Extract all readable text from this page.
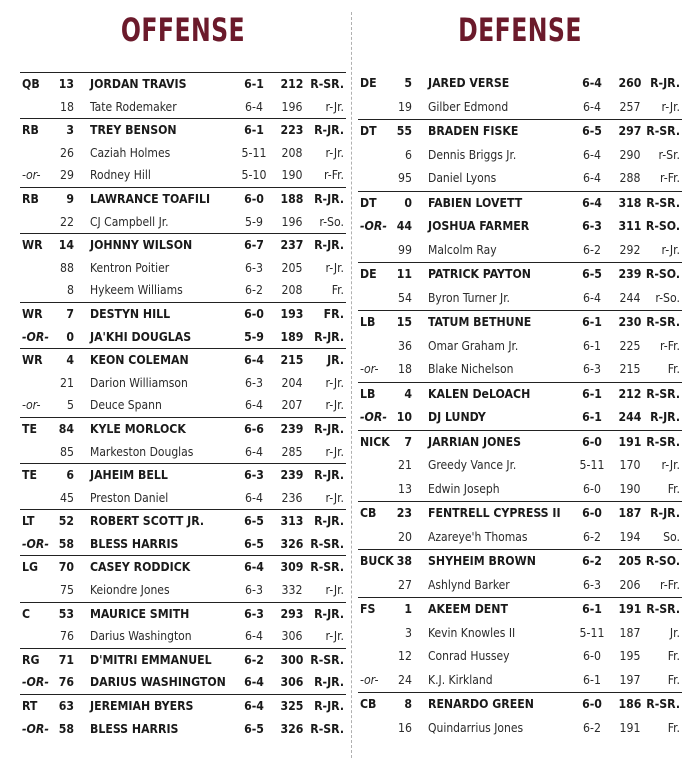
OFFENSE
QB	13 JORDAN TRAVIS	6-1	212 R-SR.
18 Tate Rodemaker	6-4	196	r-Jr.
RB	3 TREY BENSON	6-1	223 R-JR.
26 Caziah Holmes	5-11	208	r-Jr.
-or-	29 Rodney Hill	5-10	190	r-Fr.
RB	9 LAWRANCE TOAFILI	6-0	188 R-JR.
22 CJ Campbell Jr.	5-9	196	r-So.
WR	14 JOHNNY WILSON	6-7	237 R-JR.
88 Kentron Poitier	6-3	205	r-Jr.
8 Hykeem Williams	6-2	208	Fr.
WR	7 DESTYN HILL	6-0	193	FR.
-OR-	0 JA'KHI DOUGLAS	5-9	189 R-JR.
WR	4 KEON COLEMAN	6-4	215	JR.
21 Darion Williamson	6-3	204	r-Jr.
-or-	5 Deuce Spann	6-4	207	r-Jr.
TE	84 KYLE MORLOCK	6-6	239 R-JR.
85 Markeston Douglas	6-4	285	r-Jr.
TE	6 JAHEIM BELL	6-3	239 R-JR.
45 Preston Daniel	6-4	236	r-Jr.
LT	52 ROBERT SCOTT JR.	6-5	313 R-JR.
-OR- 58 BLESS HARRIS	6-5	326 R-SR.
LG	70 CASEY RODDICK	6-4	309 R-SR.
75 Keiondre Jones	6-3	332	r-Jr.
C	53 MAURICE SMITH	6-3	293 R-JR.
76 Darius Washington	6-4	306	r-Jr.
RG	71 D'MITRI EMMANUEL	6-2	300 R-SR.
-OR- 76 DARIUS WASHINGTON	6-4	306 R-JR.
RT	63 JEREMIAH BYERS	6-4	325 R-JR.
-OR- 58 BLESS HARRIS	6-5	326 R-SR.
DEFENSE
DE	5 JARED VERSE	6-4	260 R-JR.
19 Gilber Edmond	6-4	257	r-Jr.
DT	55 BRADEN FISKE	6-5	297 R-SR.
6 Dennis Briggs Jr.	6-4	290	r-Sr.
95 Daniel Lyons	6-4	288	r-Fr.
DT	0 FABIEN LOVETT	6-4	318 R-SR.
-OR- 44 JOSHUA FARMER	6-3	311 R-SO.
99 Malcolm Ray	6-2	292	r-Jr.
DE	11 PATRICK PAYTON	6-5	239 R-SO.
54 Byron Turner Jr.	6-4	244	r-So.
LB	15 TATUM BETHUNE	6-1	230 R-SR.
36 Omar Graham Jr.	6-1	225	r-Fr.
-or-	18 Blake Nichelson	6-3	215	Fr.
LB	4 KALEN DeLOACH	6-1	212 R-SR.
-OR- 10 DJ LUNDY	6-1	244 R-JR.
NICK	7 JARRIAN JONES	6-0	191 R-SR.
21 Greedy Vance Jr.	5-11	170	r-Jr.
13 Edwin Joseph	6-0	190	Fr.
CB	23 FENTRELL CYPRESS II	6-0	187 R-JR.
20 Azareye'h Thomas	6-2	194	So.
BUCK 38 SHYHEIM BROWN	6-2	205 R-SO.
27 Ashlynd Barker	6-3	206	r-Fr.
FS	1 AKEEM DENT	6-1	191 R-SR.
3 Kevin Knowles II	5-11	187	Jr.
12 Conrad Hussey	6-0	195	Fr.
-or-	24 K.J. Kirkland	6-1	197	Fr.
CB	8 RENARDO GREEN	6-0	186 R-SR.
16 Quindarrius Jones	6-2	191	Fr.
